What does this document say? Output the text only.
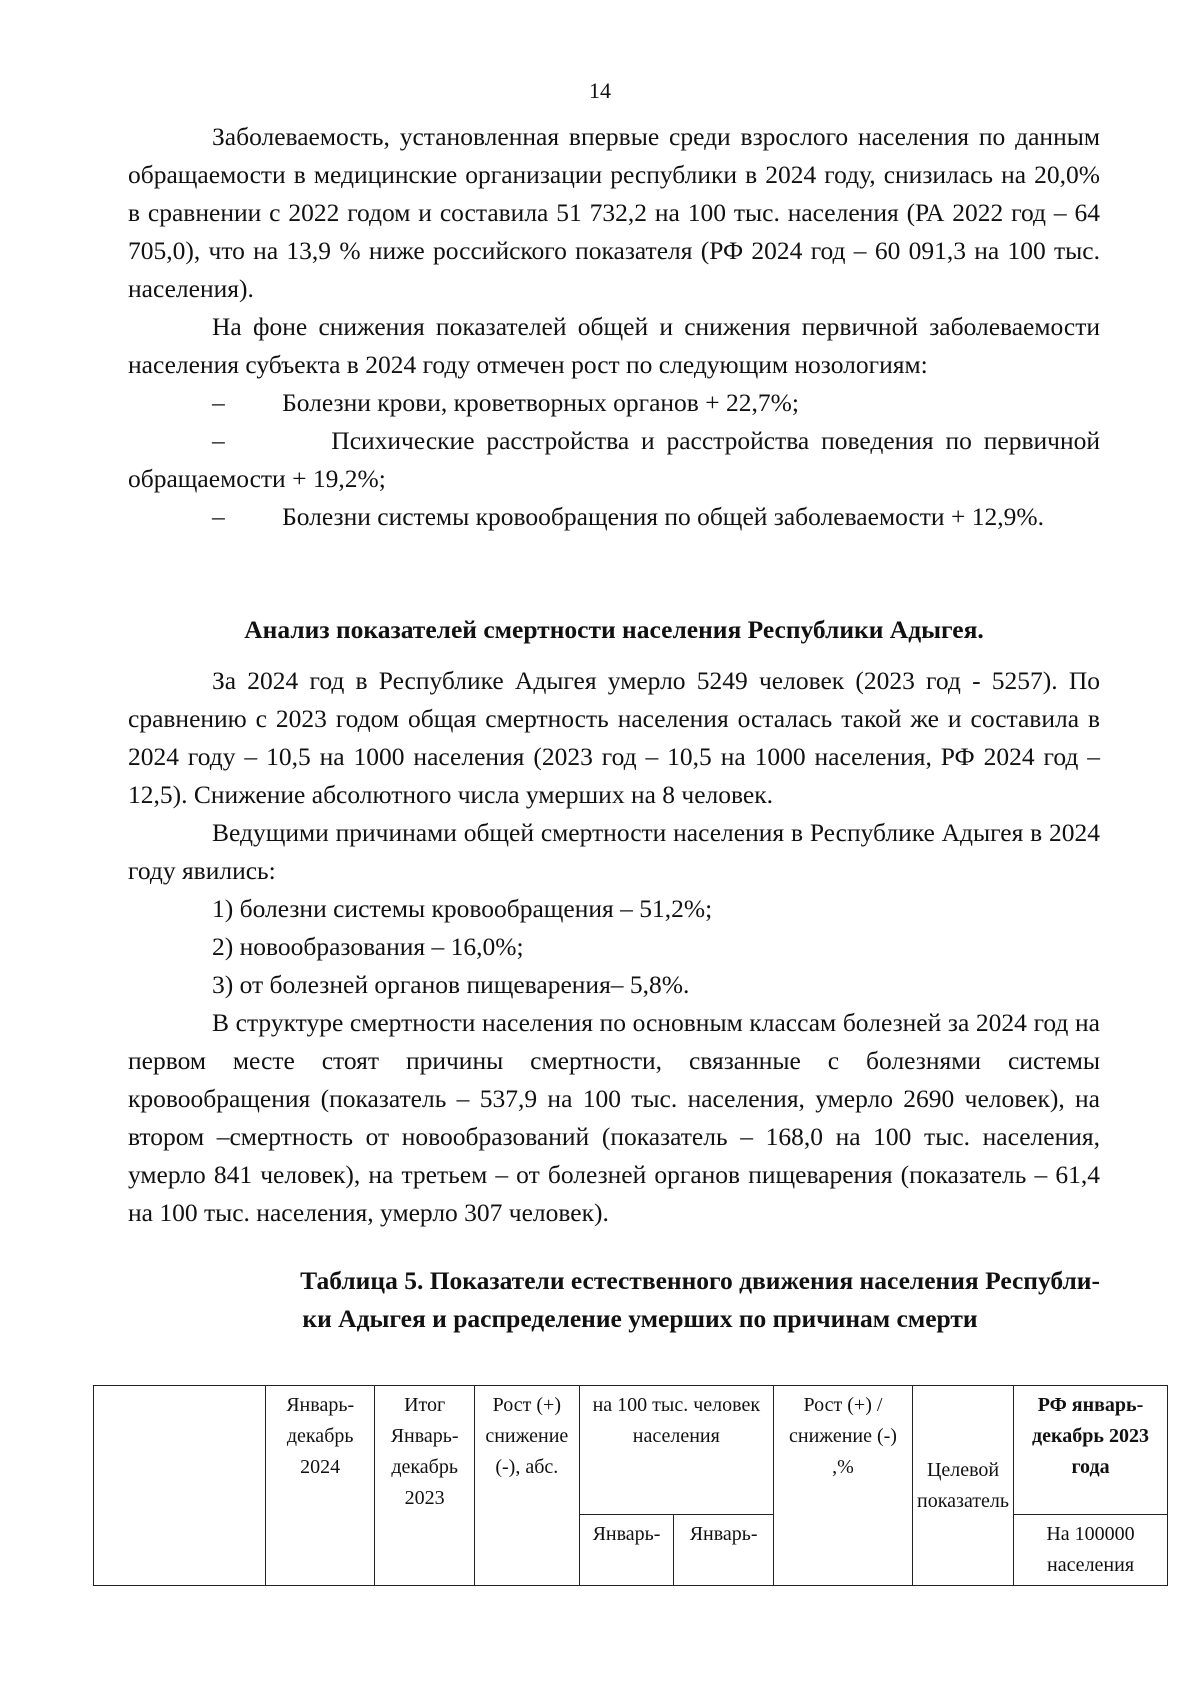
14

Заболеваемость, установленная впервые среди взрослого населения по данным обращаемости в медицинские организации республики в 2024 году, снизилась на 20,0% в сравнении с 2022 годом и составила 51 732,2 на 100 тыс. населения (РА 2022 год – 64 705,0), что на 13,9 % ниже российского показателя (РФ 2024 год – 60 091,3 на 100 тыс. населения).

На фоне снижения показателей общей и снижения первичной заболеваемости населения субъекта в 2024 году отмечен рост по следующим нозологиям:

– Болезни крови, кроветворных органов + 22,7%;

–	Психические расстройства и расстройства поведения по первичной обращаемости + 19,2%;

– Болезни системы кровообращения по общей заболеваемости + 12,9%.

Анализ показателей смертности населения Республики Адыгея.

За 2024 год в Республике Адыгея умерло 5249 человек (2023 год - 5257). По сравнению с 2023 годом общая смертность населения осталась такой же и составила в 2024 году – 10,5 на 1000 населения (2023 год – 10,5 на 1000 населения, РФ 2024 год – 12,5). Снижение абсолютного числа умерших на 8 человек.

Ведущими причинами общей смертности населения в Республике Адыгея в 2024 году явились:

1) болезни системы кровообращения – 51,2%;

2) новообразования – 16,0%;

3) от болезней органов пищеварения– 5,8%.

В структуре смертности населения по основным классам болезней за 2024 год на первом месте стоят причины смертности, связанные с болезнями системы кровообращения (показатель – 537,9 на 100 тыс. населения, умерло 2690 человек), на втором –смертность от новообразований (показатель – 168,0 на 100 тыс. населения, умерло 841 человек), на третьем – от болезней органов пищеварения (показатель – 61,4 на 100 тыс. населения, умерло 307 человек).

Таблица 5. Показатели естественного движения населения Республи-
ки Адыгея и распределение умерших по причинам смерти
	Январь-декабрь 2024	Итог Январь-декабрь 2023	Рост (+) снижение (-), абс.	на 100 тыс. человек населения		Рост (+) / снижение (-) ,%	Целевой показатель	РФ январь-декабрь 2023 года
				Январь-	Январь-			На 100000 населения
